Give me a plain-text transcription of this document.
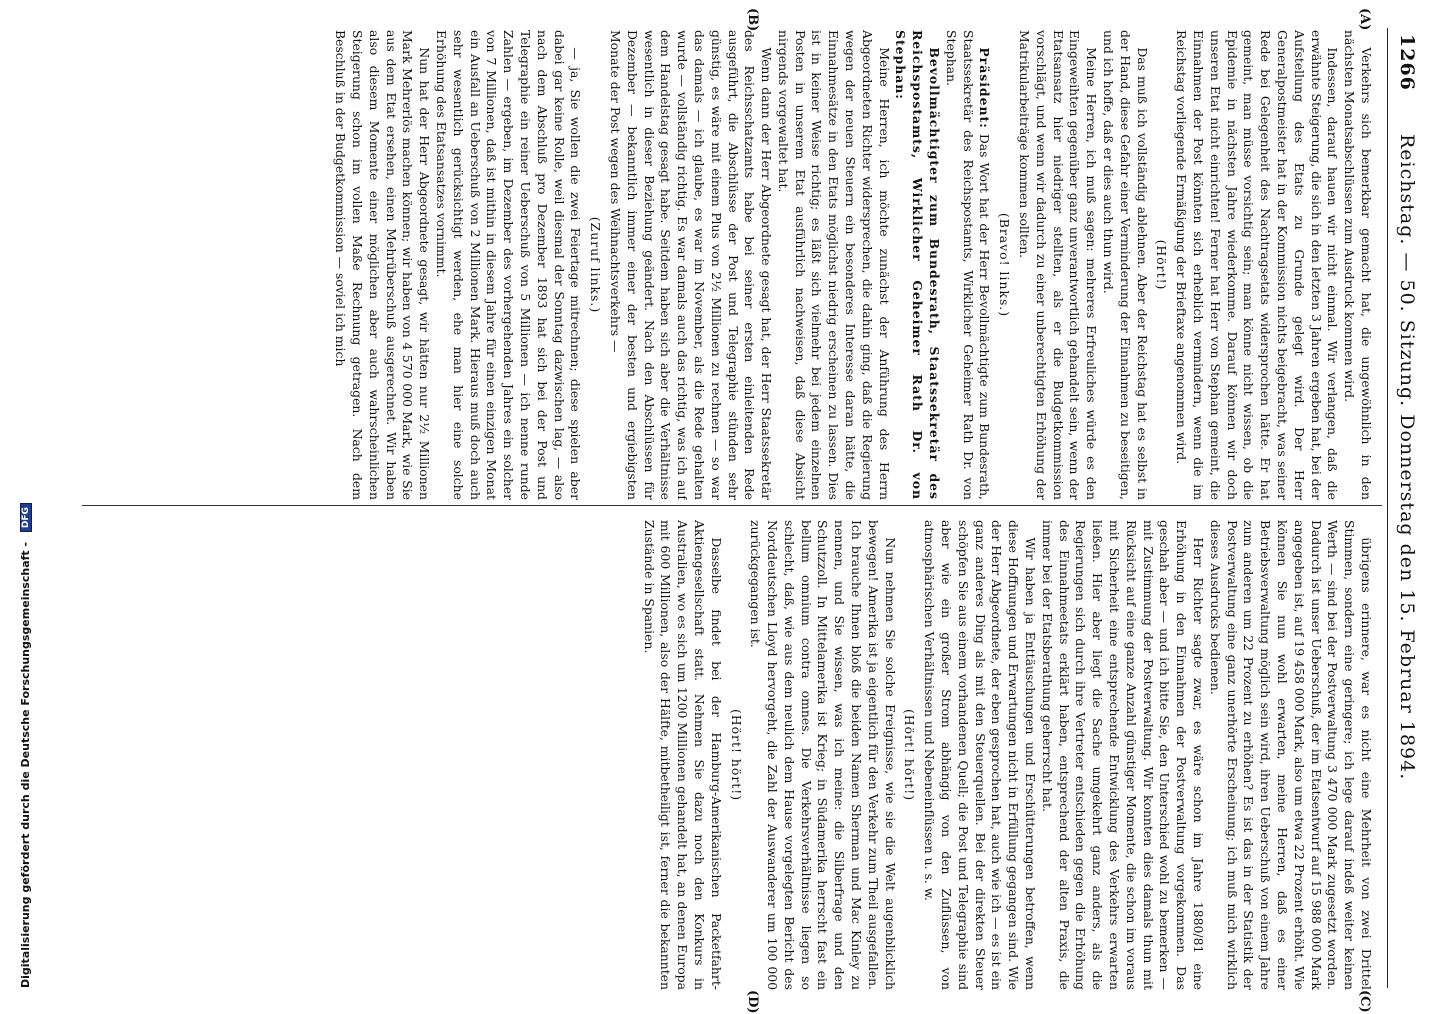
1266
Reichstag. — 50. Sitzung. Donnerstag den 15. Februar 1894.
(A)
(B)
(C)
(D)

Verkehrs sich bemerkbar gemacht hat, die ungewöhnlich in den nächsten Monatsabschlüssen zum Ausdruck kommen wird.

Indessen, darauf hauen wir nicht einmal. Wir verlangen, daß die erwähnte Steigerung, die sich in den letzten 3 Jahren ergeben hat, bei der Aufstellung des Etats zu Grunde gelegt wird. Der Herr Generalpostmeister hat in der Kommission nichts beigebracht, was seiner Rede bei Gelegenheit des Nachtragsetats widersprochen hätte. Er hat gemeint, man müsse vorsichtig sein; man könne nicht wissen, ob die Epidemie in nächsten Jahre wiederkomme. Darauf können wir doch unseren Etat nicht einrichten! Ferner hat Herr von Stephan gemeint, die Einnahmen der Post könnten sich erheblich vermindern, wenn die im Reichstag vorliegende Ermäßigung der Brieftaxe angenommen wird.

(Hört!)

Das muß ich vollständig ablehnen. Aber der Reichstag hat es selbst in der Hand, diese Gefahr einer Verminderung der Einnahmen zu beseitigen, und ich hoffe, daß er dies auch thun wird.

Meine Herren, ich muß sagen: mehreres Erfreuliches würde es den Eingeweihten gegenüber ganz unverantwortlich gehandelt sein, wenn der Etatsansatz hier niedriger stellten, als er die Budgetkommission vorschlägt, und wenn wir dadurch zu einer unberechtigten Erhöhung der Matrikularbeiträge kommen sollten.

(Bravo! links.)

Präsident: Das Wort hat der Herr Bevollmächtigte zum Bundesrath, Staatssekretär des Reichspostamts, Wirklicher Geheimer Rath Dr. von Stephan.

Bevollmächtigter zum Bundesrath, Staatssekretär des Reichspostamts, Wirklicher Geheimer Rath Dr. von Stephan:

Meine Herren, ich möchte zunächst der Anführung des Herrn Abgeordneten Richter widersprechen, die dahin ging, daß die Regierung wegen der neuen Steuern ein besonderes Interesse daran hätte, die Einnahmesätze in den Etats möglichst niedrig erscheinen zu lassen. Dies ist in keiner Weise richtig; es läßt sich vielmehr bei jedem einzelnen Posten in unserem Etat ausführlich nachweisen, daß diese Absicht nirgends vorgewaltet hat.

Wenn dann der Herr Abgeordnete gesagt hat, der Herr Staatssekretär des Reichsschatzamts habe bei seiner ersten einleitenden Rede ausgeführt, die Abschlüsse der Post und Telegraphie stünden sehr günstig, es wäre mit einem Plus von 2½ Millionen zu rechnen — so war das damals — ich glaube, es war im November, als die Rede gehalten wurde — vollständig richtig. Es war damals auch das richtig, was ich auf dem Handelstag gesagt habe. Seitdem haben sich aber die Verhältnisse wesentlich in dieser Beziehung geändert. Nach den Abschlüssen für Dezember — bekanntlich immer einer der besten und ergiebigsten Monate der Post wegen des Weihnachtsverkehrs —

(Zuruf links.)

— ja, Sie wollen die zwei Feiertage mitrechnen; diese spielen aber dabei gar keine Rolle, weil diesmal der Sonntag dazwischen lag, — also nach dem Abschluß pro Dezember 1893 hat sich bei der Post und Telegraphie ein reiner Ueberschuß von 5 Millionen — ich nenne runde Zahlen — ergeben, im Dezember des vorhergehenden Jahres ein solcher von 7 Millionen, daß ist mithin in diesem Jahre für einen einzigen Monat ein Ausfall an Ueberschuß von 2 Millionen Mark. Hieraus muß doch auch sehr wesentlich gerücksichtigt werden, ehe man hier eine solche Erhöhung des Etatsansatzes vornimmt.

Nun hat der Herr Abgeordnete gesagt, wir hätten nur 2½ Millionen Mark Mehrerlös machen können; wir haben von 4 570 000 Mark, wie Sie aus dem Etat ersehen, einen Mehrüberschuß ausgerechnet. Wir haben also diesem Momente einer möglichen aber auch wahrscheinlichen Steigerung schon im vollen Maße Rechnung getragen. Nach dem Beschluß in der Budgetkommission — soviel ich mich

übrigens erinnere, war es nicht eine Mehrheit von zwei Drittel Stimmen, sondern eine geringere; ich lege darauf indeß weiter keinen Werth — sind bei der Postverwaltung 3 470 000 Mark zugesetzt worden. Dadurch ist unser Ueberschuß, der im Etatsentwurf auf 15 988 000 Mark angegeben ist, auf 19 458 000 Mark, also um etwa 22 Prozent erhöht. Wie können Sie nun wohl erwarten, meine Herren, daß es einer Betriebsverwaltung möglich sein wird, ihren Ueberschuß von einem Jahre zum anderen um 22 Prozent zu erhöhen? Es ist das in der Statistik der Postverwaltung eine ganz unerhörte Erscheinung; ich muß mich wirklich dieses Ausdrucks bedienen.

Herr Richter sagte zwar, es wäre schon im Jahre 1880/81 eine Erhöhung in den Einnahmen der Postverwaltung vorgekommen. Das geschah aber — und ich bitte Sie, den Unterschied wohl zu bemerken — mit Zustimmung der Postverwaltung. Wir konnten dies damals thun mit Rücksicht auf eine ganze Anzahl günstiger Momente, die schon im voraus mit Sicherheit eine entsprechende Entwicklung des Verkehrs erwarten ließen. Hier aber liegt die Sache umgekehrt ganz anders, als die Regierungen sich durch ihre Vertreter entschieden gegen die Erhöhung des Einnahmeetats erklärt haben, entsprechend der alten Praxis, die immer bei der Etatsberathung geherrscht hat.

Wir haben ja Enttäuschungen und Erschütterungen betroffen, wenn diese Hoffnungen und Erwartungen nicht in Erfüllung gegangen sind. Wie der Herr Abgeordnete, der eben gesprochen hat, auch wie ich — es ist ein ganz anderes Ding als mit den Steuerquellen. Bei der direkten Steuer schöpfen Sie aus einem vorhandenen Quell; die Post und Telegraphie sind aber wie ein großer Strom abhängig von den Zuflüssen, von atmosphärischen Verhältnissen und Nebeneinflüssen u. s. w.

(Hört! hört!)

Nun nehmen Sie solche Ereignisse, wie sie die Welt augenblicklich bewegen! Amerika ist ja eigentlich für den Verkehr zum Theil ausgefallen. Ich brauche Ihnen bloß die beiden Namen Sherman und Mac Kinley zu nennen, und Sie wissen, was ich meine: die Silberfrage und den Schutzzoll. In Mittelamerika ist Krieg; in Südamerika herrscht fast ein bellum omnium contra omnes. Die Verkehrsverhältnisse liegen so schlecht, daß, wie aus dem neulich dem Hause vorgelegten Bericht des Norddeutschen Lloyd hervorgeht, die Zahl der Auswanderer um 100 000 zurückgegangen ist.

(Hört! hört!)

Dasselbe findet bei der Hamburg-Amerikanischen Packetfahrt-Aktiengesellschaft statt. Nehmen Sie dazu noch den Konkurs in Australien, wo es sich um 1200 Millionen gehandelt hat, an denen Europa mit 600 Millionen, also der Hälfte, mitbetheiligt ist, ferner die bekannten Zustände in Spanien.

Digitalisierung gefördert durch die Deutsche Forschungsgemeinschaft - DFG
